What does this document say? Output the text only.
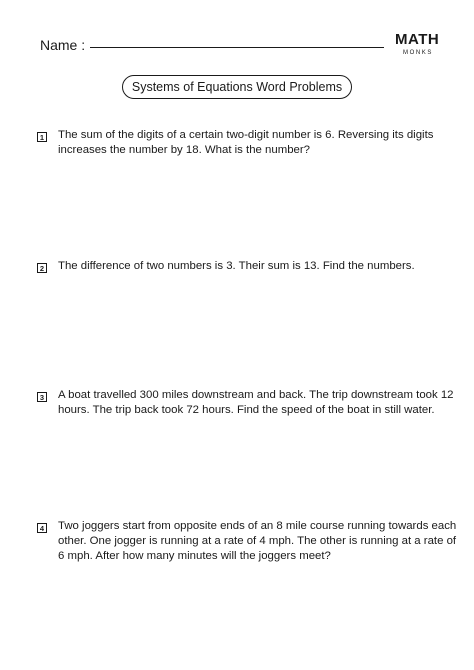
Name :	MATH
MONKS
Systems of Equations Word Problems
1 The sum of the digits of a certain two-digit number is 6. Reversing its digits increases the number by 18. What is the number?
2 The difference of two numbers is 3. Their sum is 13. Find the numbers.
3 A boat travelled 300 miles downstream and back. The trip downstream took 12 hours. The trip back took 72 hours. Find the speed of the boat in still water.
4 Two joggers start from opposite ends of an 8 mile course running towards each other. One jogger is running at a rate of 4 mph. The other is running at a rate of 6 mph. After how many minutes will the joggers meet?
